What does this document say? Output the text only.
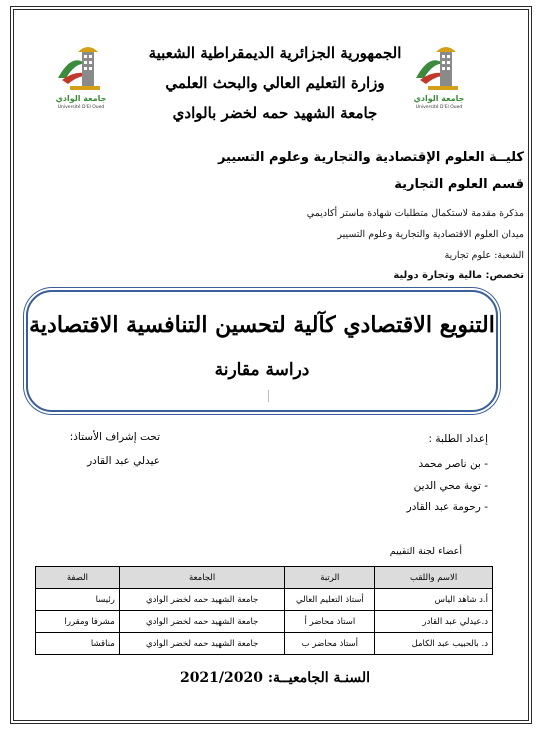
جامعة الوادي
Université D'El Oued
جامعة الوادي
Université D'El Oued
الجمهورية الجزائرية الديمقراطية الشعبية
وزارة التعليم العالي والبحث العلمي
جامعة الشهيد حمه لخضر بالوادي
كليــة العلوم الإقتصادية والتجارية وعلوم التسيير
قسم العلوم التجارية
مذكرة مقدمة لاستكمال متطلبات شهادة ماستر أكاديمي
ميدان العلوم الاقتصادية والتجارية وعلوم التسيير
الشعبة: علوم تجارية
تخصص: مالية وتجارة دولية
التنويع الاقتصادي كآلية لتحسين التنافسية الاقتصادية
دراسة مقارنة
إعداد الطلبة :
- بن ناصر محمد
- توبة محي الدين
- رحومة عبد القادر
تحت إشراف الأستاذ:
عيدلي عبد القادر
أعضاء لجنة التقييم
الاسم واللقب	الرتبة	الجامعة	الصفة
أ.د شاهد الياس	أستاذ التعليم العالي	جامعة الشهيد حمه لخضر الوادي	رئيسا
د.عيدلي عبد القادر	استاذ محاضر أ	جامعة الشهيد حمه لخضر الوادي	مشرفا ومقررا
د. بالحبيب عبد الكامل	أستاذ محاضر ب	جامعة الشهيد حمه لخضر الوادي	مناقشا
السنـة الجامعيــة: 2021/2020
